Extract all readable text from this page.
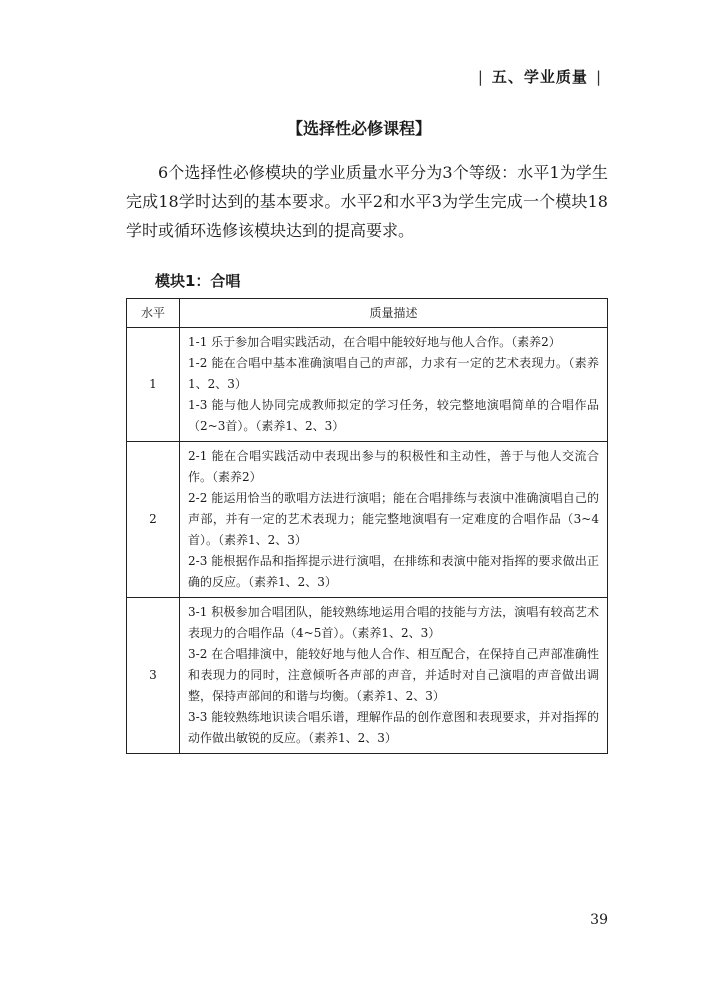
| 五、学业质量 |
【选择性必修课程】

6个选择性必修模块的学业质量水平分为3个等级：水平1为学生完成18学时达到的基本要求。水平2和水平3为学生完成一个模块18学时或循环选修该模块达到的提高要求。

模块1：合唱
水平	质量描述
1	1-1 乐于参加合唱实践活动，在合唱中能较好地与他人合作。（素养2）
1-2 能在合唱中基本准确演唱自己的声部，力求有一定的艺术表现力。（素养1、2、3）
1-3 能与他人协同完成教师拟定的学习任务，较完整地演唱简单的合唱作品（2~3首）。（素养1、2、3）

2	2-1 能在合唱实践活动中表现出参与的积极性和主动性，善于与他人交流合作。（素养2）
2-2 能运用恰当的歌唱方法进行演唱；能在合唱排练与表演中准确演唱自己的声部，并有一定的艺术表现力；能完整地演唱有一定难度的合唱作品（3~4首）。（素养1、2、3）
2-3 能根据作品和指挥提示进行演唱，在排练和表演中能对指挥的要求做出正确的反应。（素养1、2、3）

3	3-1 积极参加合唱团队，能较熟练地运用合唱的技能与方法，演唱有较高艺术表现力的合唱作品（4~5首）。（素养1、2、3）
3-2 在合唱排演中，能较好地与他人合作、相互配合，在保持自己声部准确性和表现力的同时，注意倾听各声部的声音，并适时对自己演唱的声音做出调整，保持声部间的和谐与均衡。（素养1、2、3）
3-3 能较熟练地识读合唱乐谱，理解作品的创作意图和表现要求，并对指挥的动作做出敏锐的反应。（素养1、2、3）
39
